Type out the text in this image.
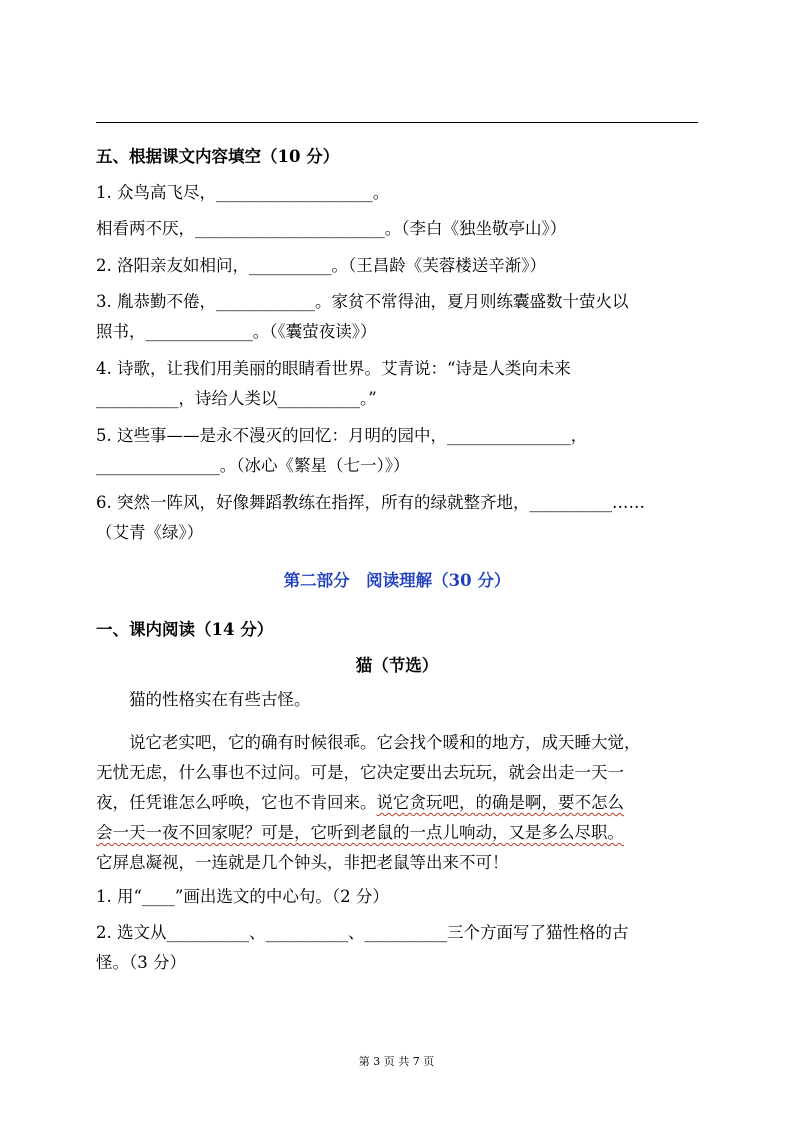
五、根据课文内容填空（10 分）
1. 众鸟高飞尽，___________________。
相看两不厌，_______________________。（李白《独坐敬亭山》）
2. 洛阳亲友如相问，__________。（王昌龄《芙蓉楼送辛渐》）
3. 胤恭勤不倦，____________。家贫不常得油，夏月则练囊盛数十萤火以
照书，_____________。（《囊萤夜读》）
4. 诗歌，让我们用美丽的眼睛看世界。艾青说：“诗是人类向未来
__________，诗给人类以__________。”
5. 这些事——是永不漫灭的回忆：月明的园中，_______________，
_______________。（冰心《繁星（七一）》）
6. 突然一阵风，好像舞蹈教练在指挥，所有的绿就整齐地，__________……
（艾青《绿》）
第二部分　阅读理解（30 分）
一、课内阅读（14 分）
猫（节选）
猫的性格实在有些古怪。
说它老实吧，它的确有时候很乖。它会找个暖和的地方，成天睡大觉，
无忧无虑，什么事也不过问。可是，它决定要出去玩玩，就会出走一天一
夜，任凭谁怎么呼唤，它也不肯回来。说它贪玩吧，的确是啊，要不怎么
会一天一夜不回家呢？可是，它听到老鼠的一点儿响动，又是多么尽职。
它屏息凝视，一连就是几个钟头，非把老鼠等出来不可！
1. 用“____”画出选文的中心句。（2 分）
2. 选文从__________、__________、__________三个方面写了猫性格的古
怪。（3 分）
第 3 页 共 7 页
